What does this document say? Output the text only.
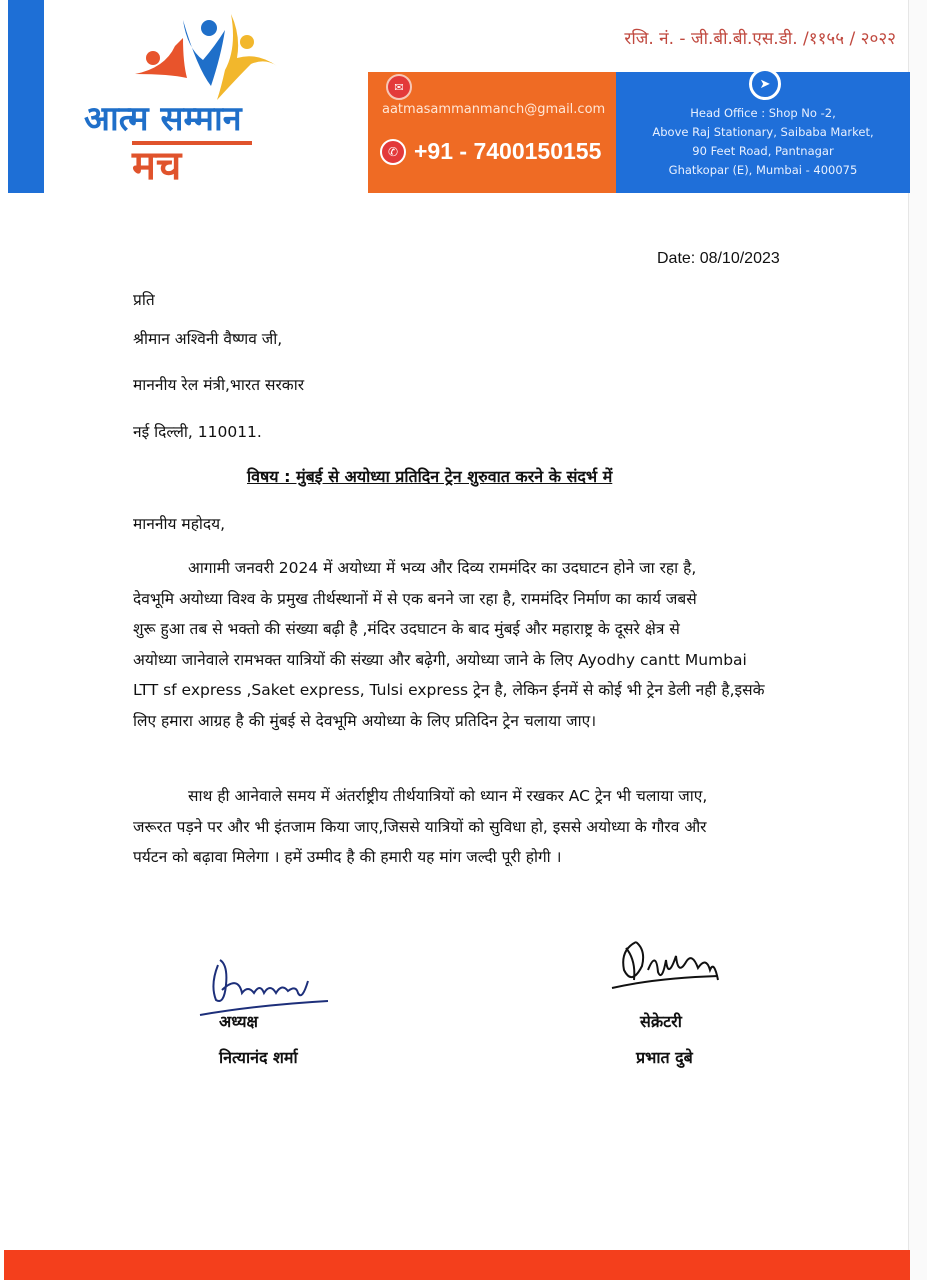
आत्म सम्मान
मच
रजि. नं. - जी.बी.बी.एस.डी. /११५५ / २०२२
✉
aatmasammanmanch@gmail.com
✆ +91 - 7400150155
➤
Head Office : Shop No -2,
Above Raj Stationary, Saibaba Market,
90 Feet Road, Pantnagar
Ghatkopar (E), Mumbai - 400075
Date: 08/10/2023
प्रति
श्रीमान अश्विनी वैष्णव जी,
माननीय रेल मंत्री,भारत सरकार
नई दिल्ली, 110011.
विषय : मुंबई से अयोध्या प्रतिदिन ट्रेन शुरुवात करने के संदर्भ में
माननीय महोदय,
आगामी जनवरी 2024 में अयोध्या में भव्य और दिव्य राममंदिर का उदघाटन होने जा रहा है,
देवभूमि अयोध्या विश्व के प्रमुख तीर्थस्थानों में से एक बनने जा रहा है, राममंदिर निर्माण का कार्य जबसे
शुरू हुआ तब से भक्तो की संख्या बढ़ी है ,मंदिर उदघाटन के बाद मुंबई और महाराष्ट्र के दूसरे क्षेत्र से
अयोध्या जानेवाले रामभक्त यात्रियों की संख्या और बढ़ेगी, अयोध्या जाने के लिए Ayodhy cantt Mumbai
LTT sf express ,Saket express, Tulsi express ट्रेन है, लेकिन ईनमें से कोई भी ट्रेन डेली नही है,इसके
लिए हमारा आग्रह है की मुंबई से देवभूमि अयोध्या के लिए प्रतिदिन ट्रेन चलाया जाए।
साथ ही आनेवाले समय में अंतर्राष्ट्रीय तीर्थयात्रियों को ध्यान में रखकर AC ट्रेन भी चलाया जाए,
जरूरत पड़ने पर और भी इंतजाम किया जाए,जिससे यात्रियों को सुविधा हो, इससे अयोध्या के गौरव और
पर्यटन को बढ़ावा मिलेगा । हमें उम्मीद है की हमारी यह मांग जल्दी पूरी होगी ।
अध्यक्ष
नित्यानंद शर्मा
सेक्रेटरी
प्रभात दुबे
